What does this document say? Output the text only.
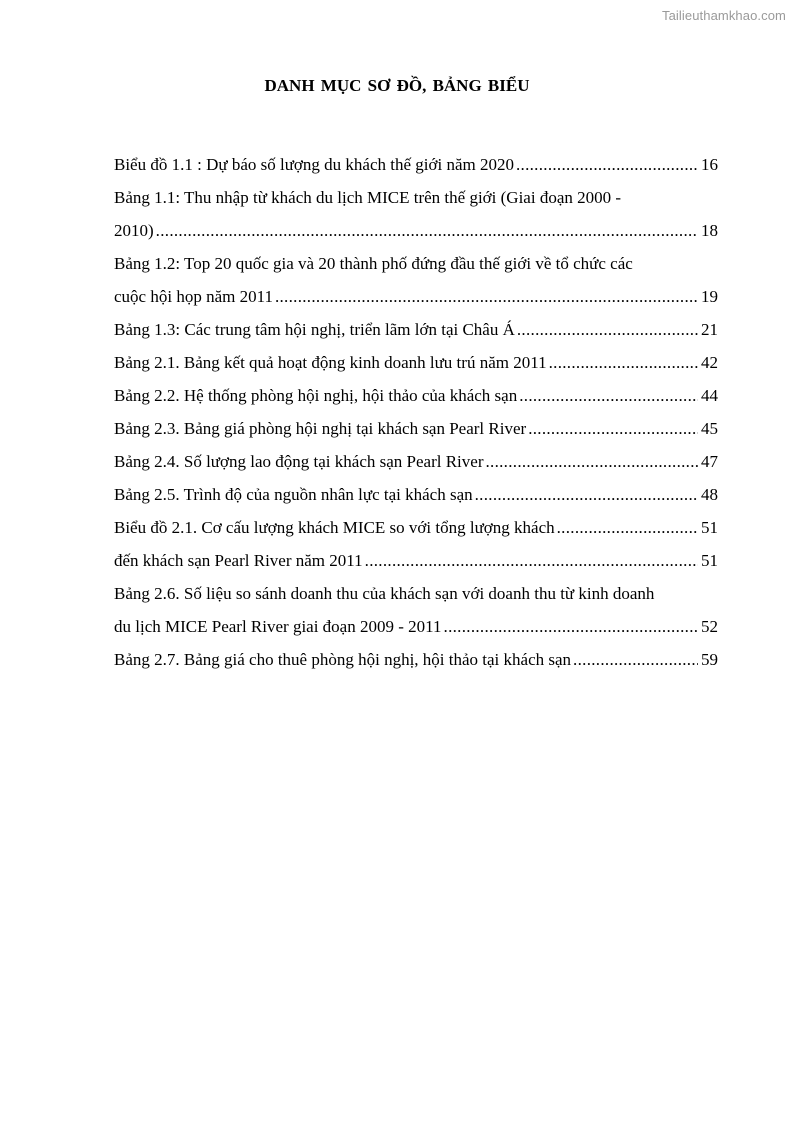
Tailieuthamkhao.com
DANH MỤC SƠ ĐỒ, BẢNG BIỂU
Biểu đồ 1.1 : Dự báo số lượng du khách thế giới năm 2020 .....	16
Bảng 1.1: Thu nhập từ khách du lịch MICE trên thế giới (Giai đoạn 2000 -
2010) .....	18
Bảng 1.2: Top 20 quốc gia và 20 thành phố đứng đầu thế giới về tổ chức các
cuộc hội họp năm 2011 .....	19
Bảng 1.3: Các trung tâm hội nghị, triển lãm lớn tại Châu Á .....	21
Bảng 2.1. Bảng kết quả hoạt động kinh doanh lưu trú năm 2011 .....	42
Bảng 2.2. Hệ thống phòng hội nghị, hội thảo của khách sạn .....	44
Bảng 2.3. Bảng giá phòng hội nghị tại khách sạn Pearl River .....	45
Bảng 2.4. Số lượng lao động tại khách sạn Pearl River .....	47
Bảng 2.5. Trình độ của nguồn nhân lực tại khách sạn .....	48
Biểu đồ 2.1. Cơ cấu lượng khách MICE so với tổng lượng khách .....	51
đến khách sạn Pearl River năm 2011 .....	51
Bảng 2.6. Số liệu so sánh doanh thu của khách sạn với doanh thu từ kinh doanh
du lịch MICE Pearl River giai đoạn 2009 - 2011 .....	52
Bảng 2.7. Bảng giá cho thuê phòng hội nghị, hội thảo tại khách sạn .....	59
